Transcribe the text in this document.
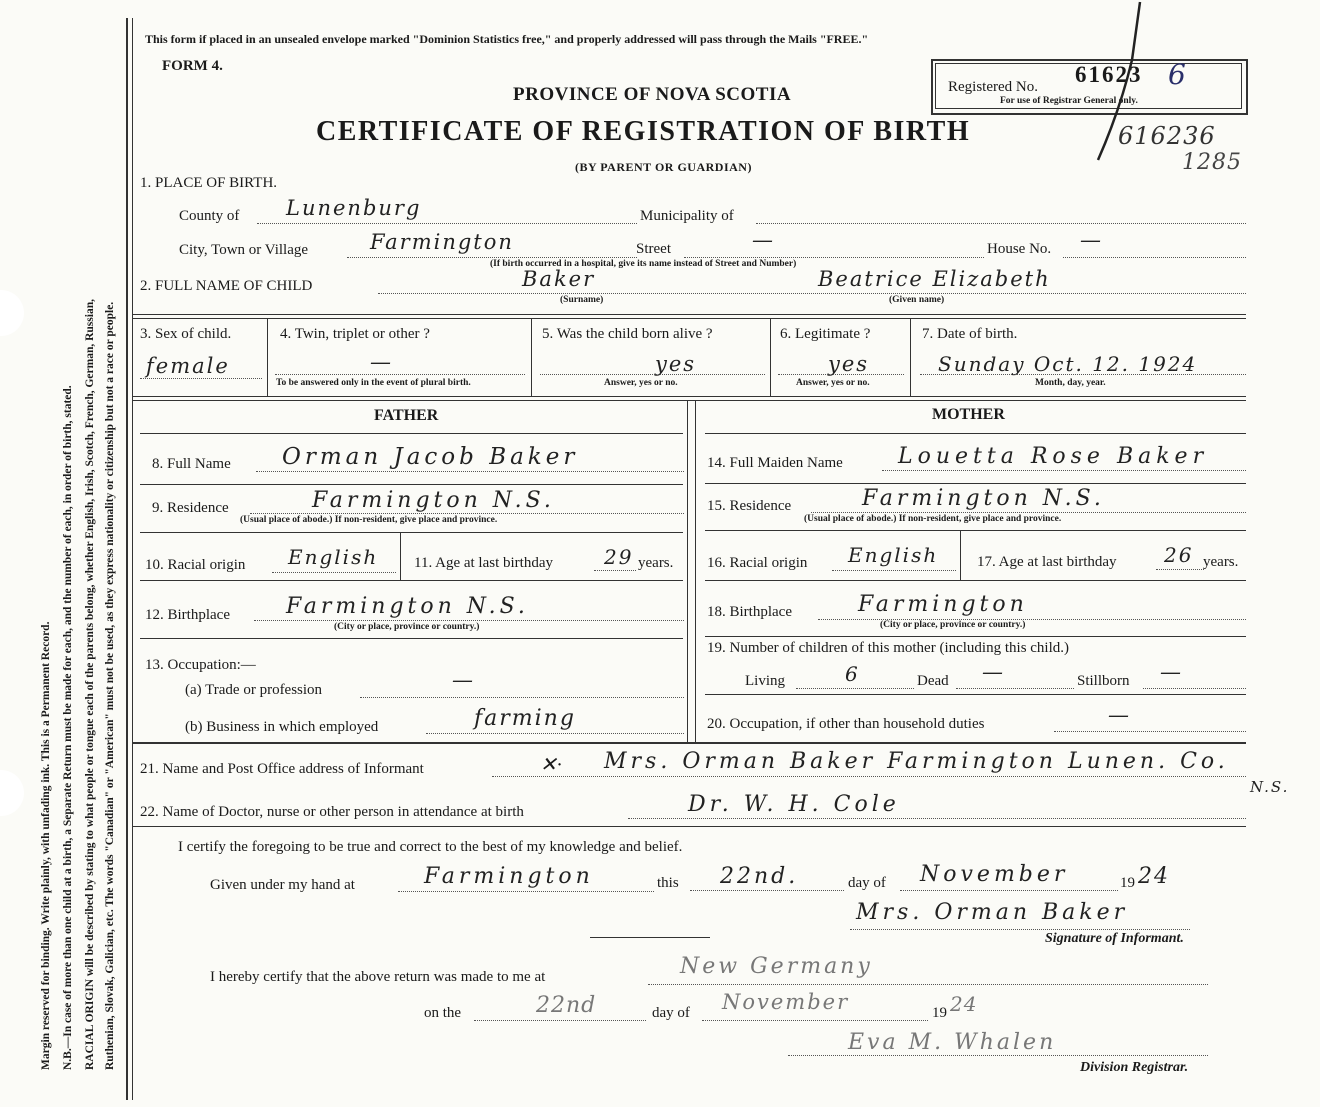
Margin reserved for binding. Write plainly, with unfading ink. This is a Permanent Record. N.B.—In case of more than one child at a birth, a Separate Return must be made for each, and the number of each, in order of birth, stated. RACIAL ORIGIN will be described by stating to what people or tongue each of the parents belong, whether English, Irish, Scotch, French, German, Russian, Ruthenian, Slovak, Galician, etc. The words "Canadian" or "American" must not be used, as they express nationality or citizenship but not a race or people.
This form if placed in an unsealed envelope marked "Dominion Statistics free," and properly addressed will pass through the Mails "FREE."
FORM 4.
PROVINCE OF NOVA SCOTIA
CERTIFICATE OF REGISTRATION OF BIRTH
(BY PARENT OR GUARDIAN)
Registered No. 61623 6
For use of Registrar General only.
616236
1285
1. PLACE OF BIRTH.
County of Lunenburg	Municipality of
City, Town or Village	Farmington	Street	—	House No. —
(If birth occurred in a hospital, give its name instead of Street and Number)
2. FULL NAME OF CHILD	Baker
(Surname)
Beatrice Elizabeth
(Given name)
3. Sex of child.
female
4. Twin, triplet or other ?
—
To be answered only in the event of plural birth.
5. Was the child born alive ?
yes
Answer, yes or no.
6. Legitimate ?
yes
Answer, yes or no.
7. Date of birth.
Sunday Oct. 12. 1924
Month, day, year.
FATHER	MOTHER
8. Full Name Orman Jacob Baker
9. Residence	Farmington N.S.
(Usual place of abode.) If non-resident, give place and province.
10. Racial origin English 11. Age at last birthday	29 years.
12. Birthplace	Farmington N.S.
(City or place, province or country.)
13. Occupation:—
(a) Trade or profession	—
(b) Business in which employed	farming
14. Full Maiden Name	Louetta Rose Baker
15. Residence	Farmington N.S.
(Usual place of abode.) If non-resident, give place and province.
16. Racial origin English	17. Age at last birthday 26 years.
18. Birthplace	Farmington
(City or place, province or country.)
19. Number of children of this mother (including this child.)
Living	6	Dead —	Stillborn —
20. Occupation, if other than household duties	—
21. Name and Post Office address of Informant	✕· Mrs. Orman Baker Farmington Lunen. Co.
N.S.
22. Name of Doctor, nurse or other person in attendance at birth	Dr. W. H. Cole
I certify the foregoing to be true and correct to the best of my knowledge and belief.
Given under my hand at	Farmington	this 22nd.	day of November	19 24
Mrs. Orman Baker
Signature of Informant.
I hereby certify that the above return was made to me at	New Germany
on the	22nd	day of November	19 24
Eva M. Whalen
Division Registrar.
